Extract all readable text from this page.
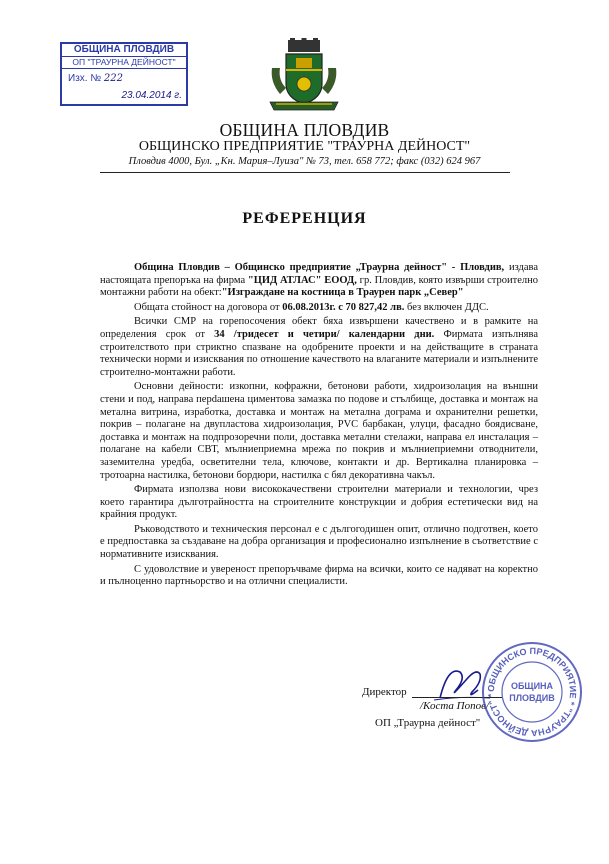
ОБЩИНА ПЛОВДИВ
ОП "ТРАУРНА ДЕЙНОСТ"
Изх. № 222
23.04.2014 г.
ОБЩИНА ПЛОВДИВ
ОБЩИНСКО ПРЕДПРИЯТИЕ "ТРАУРНА ДЕЙНОСТ"
Пловдив 4000, Бул. „Кн. Мария–Луиза" № 73, тел. 658 772; факс (032) 624 967
РЕФЕРЕНЦИЯ

Община Пловдив – Общинско предприятие „Траурна дейност" - Пловдив, издава настоящата препоръка на фирма "ЦИД АТЛАС" ЕООД, гр. Пловдив, която извърши строително монтажни работи на обект:"Изграждане на костница в Траурен парк „Север"

Общата стойност на договора от 06.08.2013г. с 70 827,42 лв. без включен ДДС.

Всички СМР на горепосочения обект бяха извършени качествено и в рамките на определения срок от 34 /тридесет и четири/ календарни дни. Фирмата изпълнява строителството при стриктно спазване на одобрените проекти и на действащите в страната технически норми и изисквания по отношение качеството на влаганите материали и изпълнените строително-монтажни работи.

Основни дейности: изкопни, кофражни, бетонови работи, хидроизолация на външни стени и под, направа перdашена циментова замазка по подове и стълбище, доставка и монтаж на метална витрина, изработка, доставка и монтаж на метална дограма и охранителни решетки, покрив – полагане на двупластова хидроизолация, PVC барбакан, улуци, фасадно боядисване, доставка и монтаж на подпрозоречни поли, доставка метални стелажи, направа ел инсталация – полагане на кабели СВТ, мълниеприемна мрежа по покрив и мълниеприемни отводнители, заземителна уредба, осветителни тела, ключове, контакти и др. Вертикална планировка – тротоарна настилка, бетонови бордюри, настилка с бял декоративна чакъл.

Фирмата използва нови висококачествени строителни материали и технологии, чрез което гарантира дълготрайността на строителните конструкции и добрия естетически вид на крайния продукт.

Ръководството и техническия персонал е с дългогодишен опит, отлично подготвен, което е предпоставка за създаване на добра организация и професионално изпълнение в съответствие с нормативните изисквания.

С удоволствие и увереност препоръчваме фирма на всички, които се надяват на коректно и пълноценно партньорство и на отлични специалисти.

Директор
/Коста Попов/
ОП „Траурна дейност"
ОБЩИНСКО ПРЕДПРИЯТИЕ * "ТРАУРНА ДЕЙНОСТ" *
ОБЩИНА
ПЛОВДИВ
